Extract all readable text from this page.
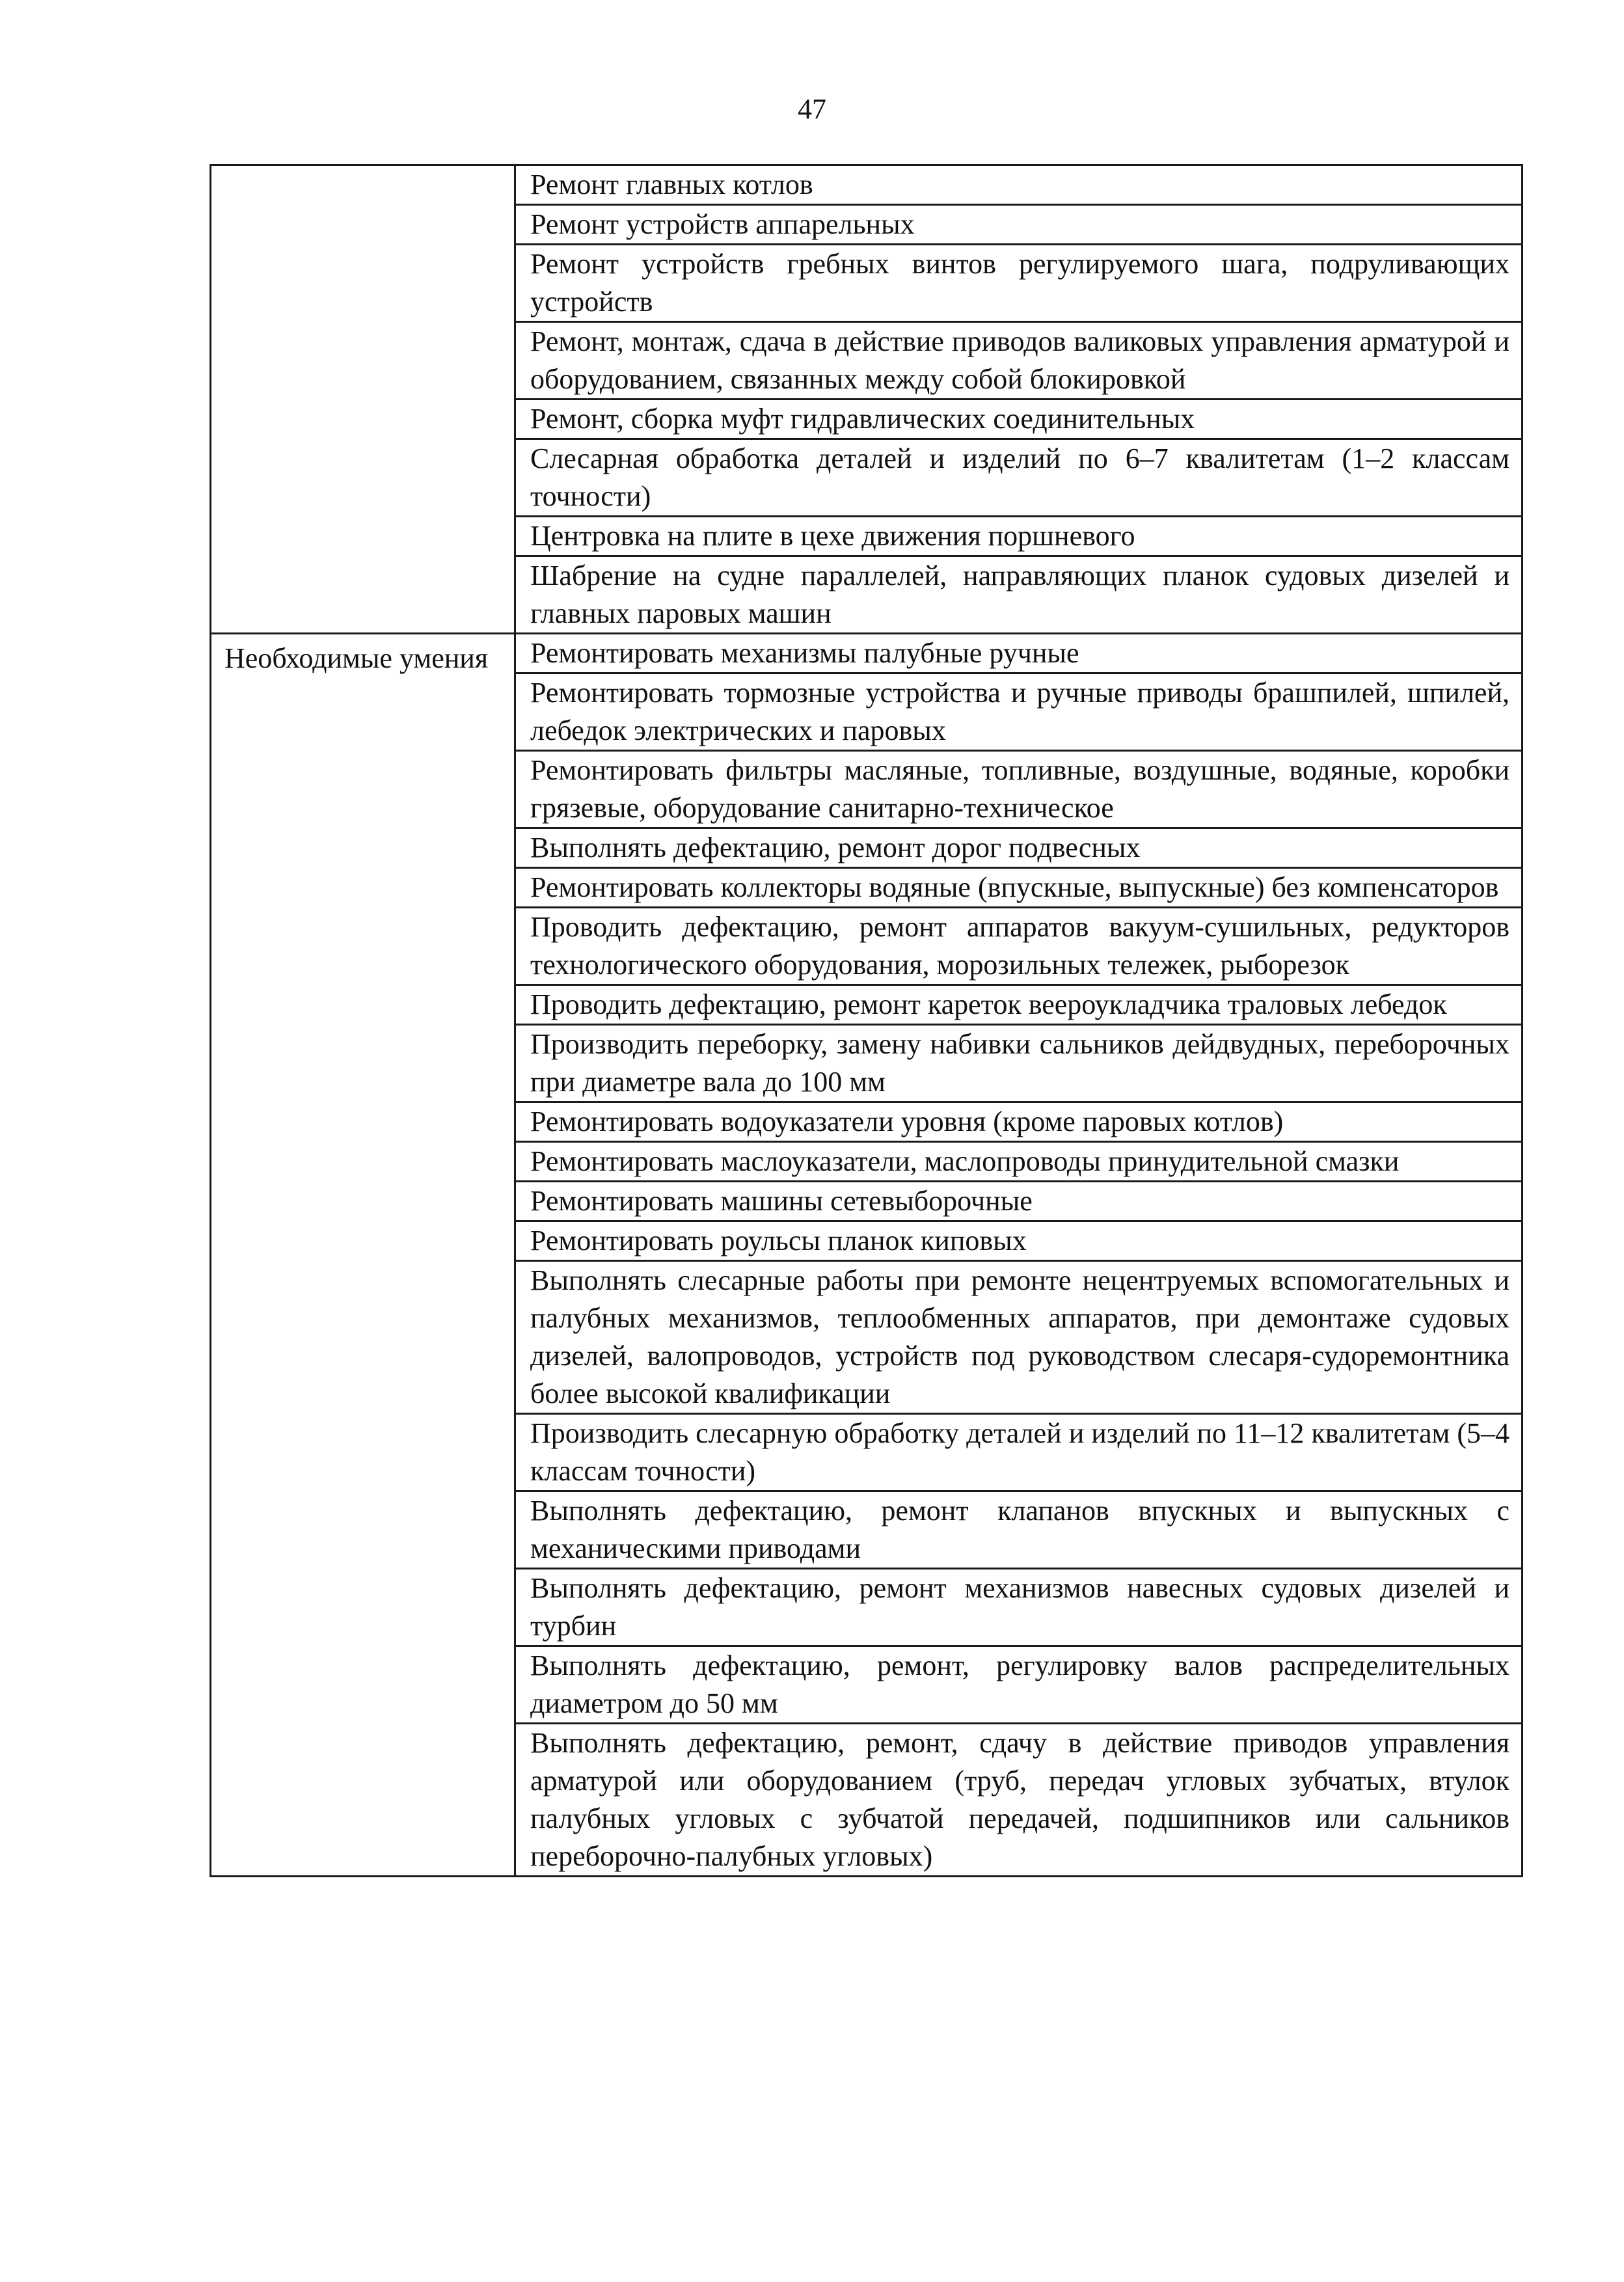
47
	Ремонт главных котлов
	Ремонт устройств аппарельных
	Ремонт устройств гребных винтов регулируемого шага, подруливающих устройств
	Ремонт, монтаж, сдача в действие приводов валиковых управления арматурой и оборудованием, связанных между собой блокировкой
	Ремонт, сборка муфт гидравлических соединительных
	Слесарная обработка деталей и изделий по 6–7 квалитетам (1–2 классам точности)
	Центровка на плите в цехе движения поршневого
	Шабрение на судне параллелей, направляющих планок судовых дизелей и главных паровых машин
Необходимые умения	Ремонтировать механизмы палубные ручные
	Ремонтировать тормозные устройства и ручные приводы брашпилей, шпилей, лебедок электрических и паровых
	Ремонтировать фильтры масляные, топливные, воздушные, водяные, коробки грязевые, оборудование санитарно-техническое
	Выполнять дефектацию, ремонт дорог подвесных
	Ремонтировать коллекторы водяные (впускные, выпускные) без компенсаторов
	Проводить дефектацию, ремонт аппаратов вакуум-сушильных, редукторов технологического оборудования, морозильных тележек, рыборезок
	Проводить дефектацию, ремонт кареток веероукладчика траловых лебедок
	Производить переборку, замену набивки сальников дейдвудных, переборочных при диаметре вала до 100 мм
	Ремонтировать водоуказатели уровня (кроме паровых котлов)
	Ремонтировать маслоуказатели, маслопроводы принудительной смазки
	Ремонтировать машины сетевыборочные
	Ремонтировать роульсы планок киповых
	Выполнять слесарные работы при ремонте нецентруемых вспомогательных и палубных механизмов, теплообменных аппаратов, при демонтаже судовых дизелей, валопроводов, устройств под руководством слесаря-судоремонтника более высокой квалификации
	Производить слесарную обработку деталей и изделий по 11–12 квалитетам (5–4 классам точности)
	Выполнять дефектацию, ремонт клапанов впускных и выпускных с механическими приводами
	Выполнять дефектацию, ремонт механизмов навесных судовых дизелей и турбин
	Выполнять дефектацию, ремонт, регулировку валов распределительных диаметром до 50 мм
	Выполнять дефектацию, ремонт, сдачу в действие приводов управления арматурой или оборудованием (труб, передач угловых зубчатых, втулок палубных угловых с зубчатой передачей, подшипников или сальников переборочно-палубных угловых)
